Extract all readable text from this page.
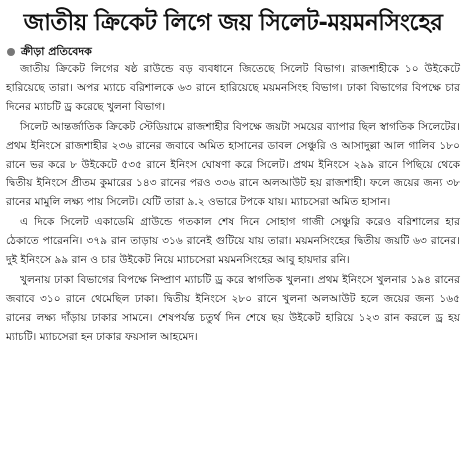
জাতীয় ক্রিকেট লিগে জয় সিলেট-ময়মনসিংহের
ক্রীড়া প্রতিবেদক

জাতীয় ক্রিকেট লিগের ষষ্ঠ রাউন্ডে বড় ব্যবধানে জিতেছে সিলেট বিভাগ। রাজশাহীকে ১০ উইকেটে হারিয়েছে তারা। অপর ম্যাচে বরিশালকে ৬৩ রানে হারিয়েছে ময়মনসিংহ বিভাগ। ঢাকা বিভাগের বিপক্ষে চার দিনের ম্যাচটি ড্র করেছে খুলনা বিভাগ।

সিলেট আন্তর্জাতিক ক্রিকেট স্টেডিয়ামে রাজশাহীর বিপক্ষে জয়টা সময়ের ব্যাপার ছিল স্বাগতিক সিলেটের। প্রথম ইনিংসে রাজশাহীর ২৩৬ রানের জবাবে অমিত হাসানের ডাবল সেঞ্চুরি ও আসাদুল্লা আল গালিব ১৮০ রানে ভর করে ৮ উইকেটে ৫৩৫ রানে ইনিংস ঘোষণা করে সিলেট। প্রথম ইনিংসে ২৯৯ রানে পিছিয়ে থেকে দ্বিতীয় ইনিংসে প্রীতম কুমারের ১৪৩ রানের পরও ৩৩৬ রানে অলআউট হয় রাজশাহী। ফলে জয়ের জন্য ৩৮ রানের মামুলি লক্ষ্য পায় সিলেট। যেটি তারা ৯.২ ওভারে টপকে যায়। ম্যাচসেরা অমিত হাসান।

এ দিকে সিলেট একাডেমি গ্রাউন্ডে গতকাল শেষ দিনে সোহাগ গাজী সেঞ্চুরি করেও বরিশালের হার ঠেকাতে পারেননি। ৩৭৯ রান তাড়ায় ৩১৬ রানেই গুটিয়ে যায় তারা। ময়মনসিংহের দ্বিতীয় জয়টি ৬৩ রানের। দুই ইনিংসে ৯৯ রান ও চার উইকেট নিয়ে ম্যাচসেরা ময়মনসিংহের আবু হায়দার রনি।

খুলনায় ঢাকা বিভাগের বিপক্ষে নিষ্প্রাণ ম্যাচটি ড্র করে স্বাগতিক খুলনা। প্রথম ইনিংসে খুলনার ১৯৪ রানের জবাবে ৩১০ রানে থেমেছিল ঢাকা। দ্বিতীয় ইনিংসে ২৮০ রানে খুলনা অলআউট হলে জয়ের জন্য ১৬৫ রানের লক্ষ্য দাঁড়ায় ঢাকার সামনে। শেষপর্যন্ত চতুর্থ দিন শেষে ছয় উইকেট হারিয়ে ১২৩ রান করলে ড্র হয় ম্যাচটি। ম্যাচসেরা হন ঢাকার ফয়সাল আহমেদ।
